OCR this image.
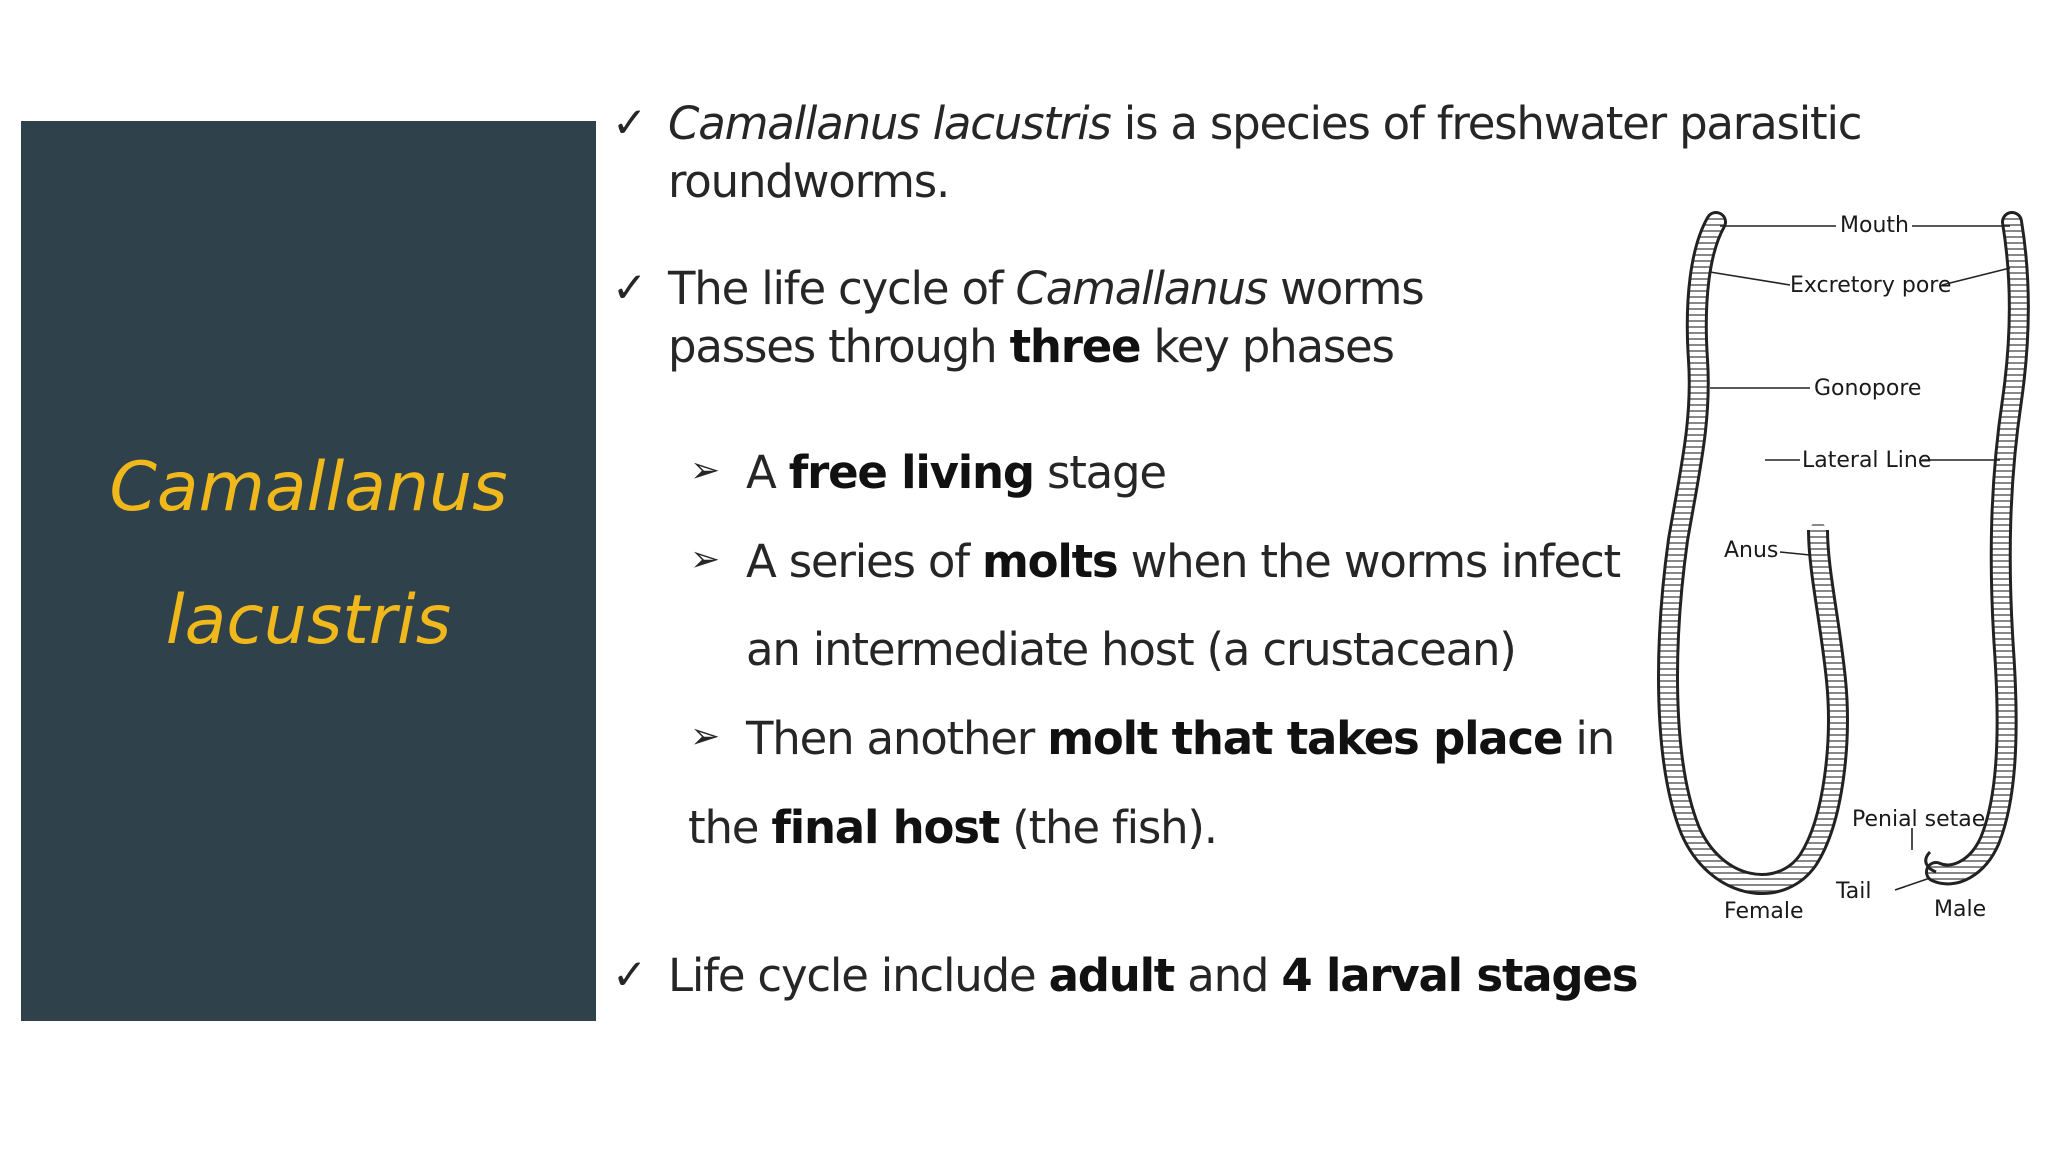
Camallanus
lacustris
✓ Camallanus lacustris is a species of freshwater parasitic
roundworms.
✓ The life cycle of Camallanus worms
passes through three key phases
➢ A free living stage
➢ A series of molts when the worms infect
an intermediate host (a crustacean)
➢ Then another molt that takes place in
the final host (the fish).
✓ Life cycle include adult and 4 larval stages
Mouth
Excretory pore
Gonopore
Lateral Line
Anus
Penial setae
Tail
Female	Male
